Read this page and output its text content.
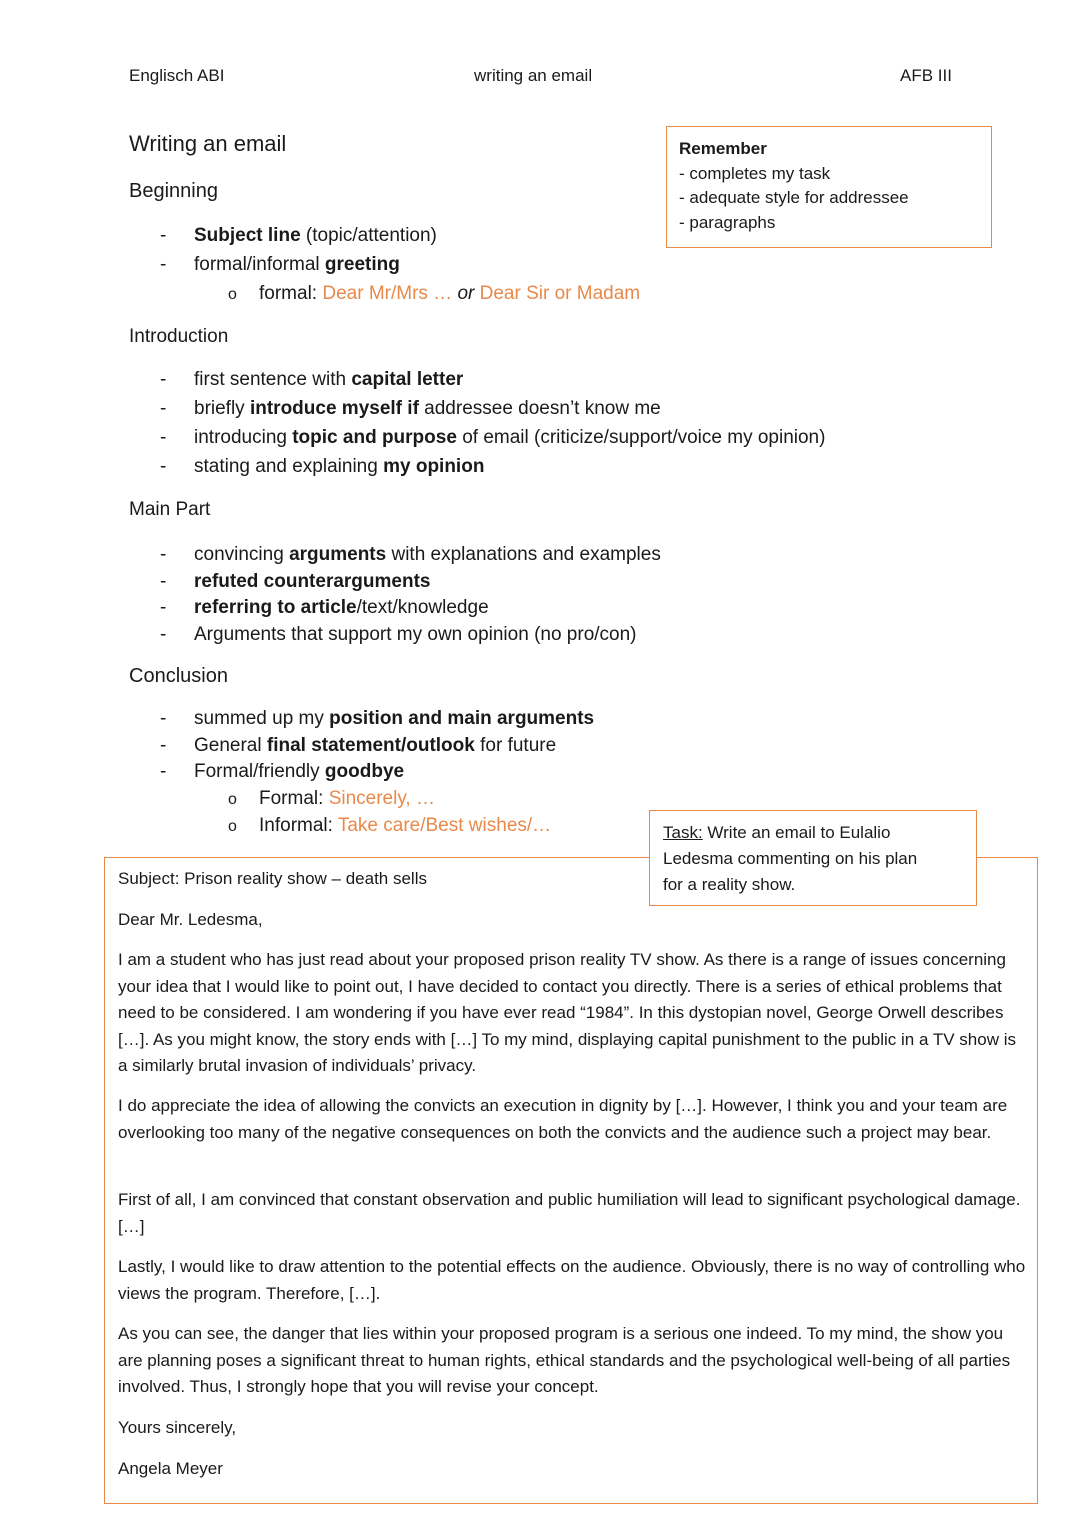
Englisch ABI	writing an email	AFB III
Writing an email	Remember
- completes my task
- adequate style for addressee
- paragraphs
Beginning
- Subject line (topic/attention)
- formal/informal greeting
o formal: Dear Mr/Mrs … or Dear Sir or Madam
Introduction
- first sentence with capital letter
- briefly introduce myself if addressee doesn’t know me
- introducing topic and purpose of email (criticize/support/voice my opinion)
- stating and explaining my opinion
Main Part
- convincing arguments with explanations and examples
- refuted counterarguments
- referring to article/text/knowledge
- Arguments that support my own opinion (no pro/con)
Conclusion
- summed up my position and main arguments
- General final statement/outlook for future
- Formal/friendly goodbye
o Formal: Sincerely, …
o Informal: Take care/Best wishes/…	Task: Write an email to Eulalio
Ledesma commenting on his plan
for a reality show.
Subject: Prison reality show – death sells
Dear Mr. Ledesma,
I am a student who has just read about your proposed prison reality TV show. As there is a range of issues concerning your idea that I would like to point out, I have decided to contact you directly. There is a series of ethical problems that need to be considered. I am wondering if you have ever read “1984”. In this dystopian novel, George Orwell describes […]. As you might know, the story ends with […] To my mind, displaying capital punishment to the public in a TV show is a similarly brutal invasion of individuals’ privacy.
I do appreciate the idea of allowing the convicts an execution in dignity by […]. However, I think you and your team are overlooking too many of the negative consequences on both the convicts and the audience such a project may bear.
First of all, I am convinced that constant observation and public humiliation will lead to significant psychological damage. […]
Lastly, I would like to draw attention to the potential effects on the audience. Obviously, there is no way of controlling who views the program. Therefore, […].
As you can see, the danger that lies within your proposed program is a serious one indeed. To my mind, the show you are planning poses a significant threat to human rights, ethical standards and the psychological well-being of all parties involved. Thus, I strongly hope that you will revise your concept.
Yours sincerely,
Angela Meyer
